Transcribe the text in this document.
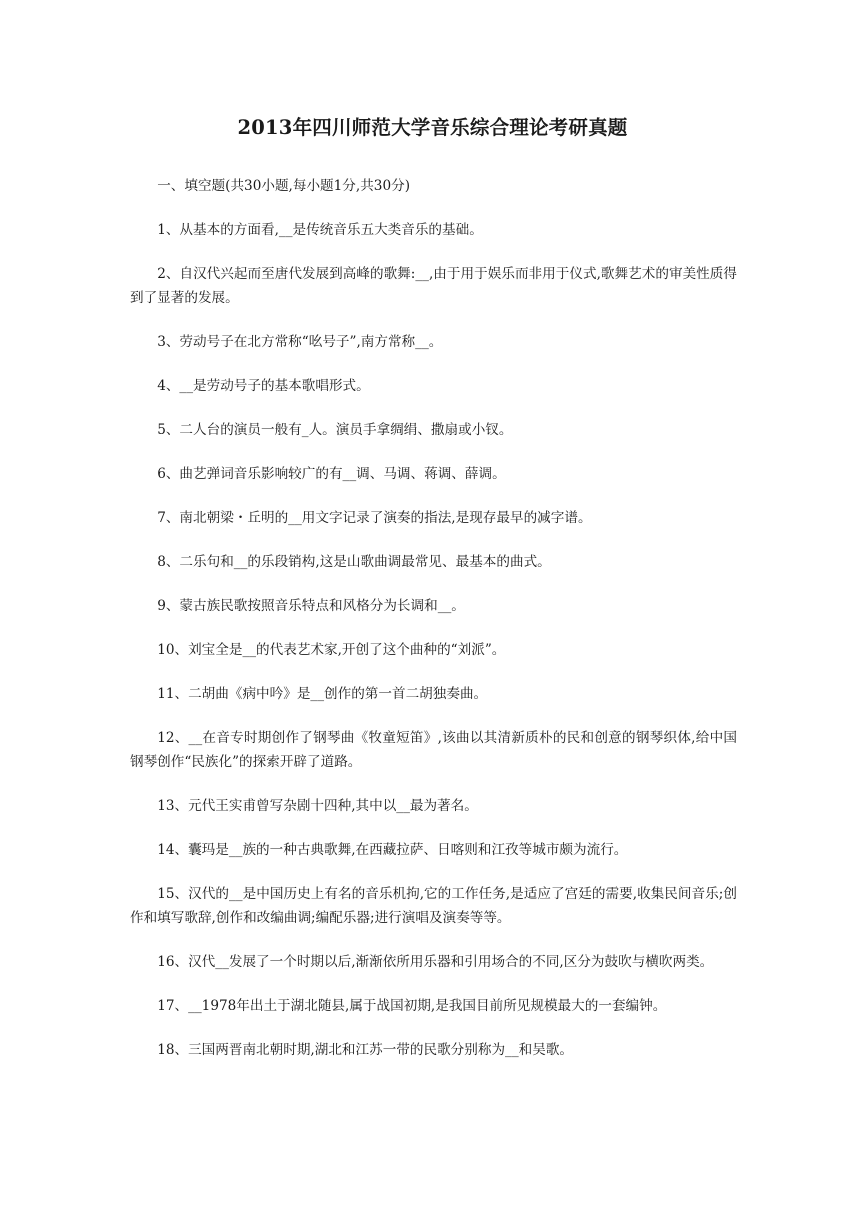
2013年四川师范大学音乐综合理论考研真题

一、填空题(共30小题,每小题1分,共30分)

1、从基本的方面看,__是传统音乐五大类音乐的基础。

2、自汉代兴起而至唐代发展到高峰的歌舞:__,由于用于娱乐而非用于仪式,歌舞艺术的审美性质得到了显著的发展。

3、劳动号子在北方常称“吆号子”,南方常称__。

4、__是劳动号子的基本歌唱形式。

5、二人台的演员一般有_人。演员手拿绸绢、撒扇或小钗。

6、曲艺弹词音乐影响较广的有__调、马调、蒋调、薛调。

7、南北朝梁・丘明的__用文字记录了演奏的指法,是现存最早的减字谱。

8、二乐句和__的乐段销构,这是山歌曲调最常见、最基本的曲式。

9、蒙古族民歌按照音乐特点和风格分为长调和__。

10、刘宝全是__的代表艺术家,开创了这个曲种的“刘派”。

11、二胡曲《病中吟》是__创作的第一首二胡独奏曲。

12、__在音专时期创作了钢琴曲《牧童短笛》,该曲以其清新质朴的民和创意的钢琴织体,给中国钢琴创作“民族化”的探索开辟了道路。

13、元代王实甫曾写杂剧十四种,其中以__最为著名。

14、囊玛是__族的一种古典歌舞,在西藏拉萨、日喀则和江孜等城市颇为流行。

15、汉代的__是中国历史上有名的音乐机拘,它的工作任务,是适应了宫廷的需要,收集民间音乐;创作和填写歌辞,创作和改编曲调;编配乐器;进行演唱及演奏等等。

16、汉代__发展了一个时期以后,渐渐依所用乐器和引用场合的不同,区分为鼓吹与横吹两类。

17、__1978年出土于湖北随县,属于战国初期,是我国目前所见规模最大的一套编钟。

18、三国两晋南北朝时期,湖北和江苏一带的民歌分别称为__和吴歌。
